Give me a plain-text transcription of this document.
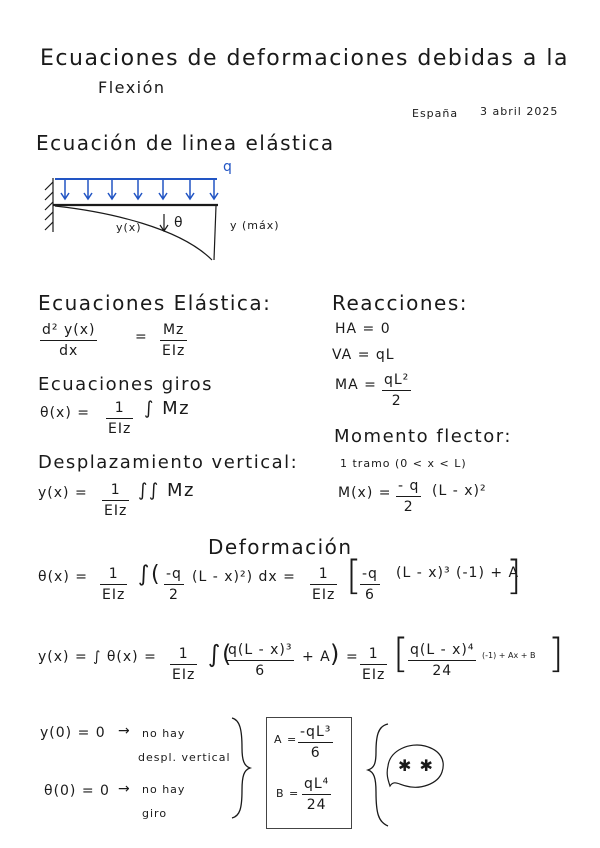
Ecuaciones de deformaciones debidas a la
Flexión
España 3 abril 2025
Ecuación de linea elástica
q
y(x) θ	y (máx)
Ecuaciones Elástica:
d² y(x)
dx
= Mz
EIz
Ecuaciones giros
θ(x) = 1
EIz
∫ Mz
Desplazamiento vertical:
y(x) = 1
EIz
∫∫ Mz
Reacciones:
HA = 0
VA = qL
MA = qL²
2
Momento flector:
1 tramo (0 < x < L)
M(x) = - q
2
(L - x)²
Deformación
θ(x) = 1
EIz
∫( -q
2
(L - x)²) dx = 1
EIz [
-q
6
(L - x)³ (-1) + A
]
y(x) = ∫ θ(x) = 1
EIz
∫(
q(L - x)³
6
+ A ) = 1
EIz [ q(L - x)⁴
24
(-1) + Ax + B ]
y(0) = 0 → no hay
despl. vertical
θ(0) = 0 → no hay
giro
A = -qL³
6
B =
qL⁴
24
✱ ✱
